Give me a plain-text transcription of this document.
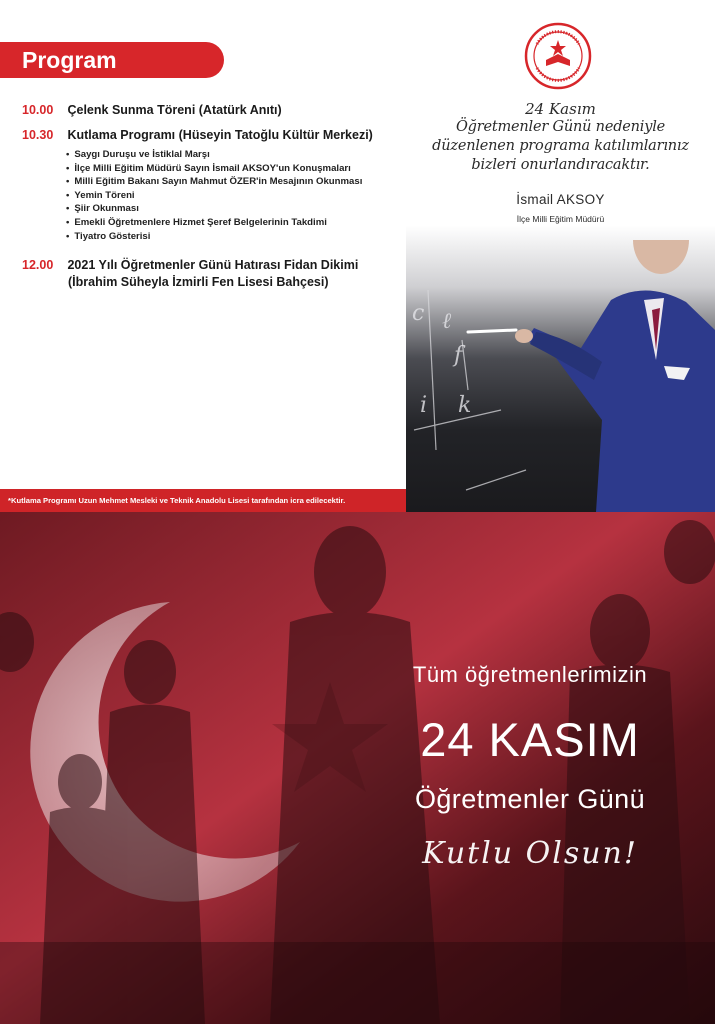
Program
10.00 Çelenk Sunma Töreni (Atatürk Anıtı)
10.30 Kutlama Programı (Hüseyin Tatoğlu Kültür Merkezi)
• Saygı Duruşu ve İstiklal Marşı
• İlçe Milli Eğitim Müdürü Sayın İsmail AKSOY'un Konuşmaları
• Milli Eğitim Bakanı Sayın Mahmut ÖZER'in Mesajının Okunması
• Yemin Töreni
• Şiir Okunması
• Emekli Öğretmenlere Hizmet Şeref Belgelerinin Takdimi
• Tiyatro Gösterisi
12.00 2021 Yılı Öğretmenler Günü Hatırası Fidan Dikimi
(İbrahim Süheyla İzmirli Fen Lisesi Bahçesi)
*Kutlama Programı Uzun Mehmet Mesleki ve Teknik Anadolu Lisesi tarafından icra edilecektir.
24 Kasım
Öğretmenler Günü nedeniyle
düzenlenen programa katılımlarınız
bizleri onurlandıracaktır.
İsmail AKSOY
İlçe Milli Eğitim Müdürü
c ℓ
f
i k
Tüm öğretmenlerimizin
24 KASIM
Öğretmenler Günü
Kutlu Olsun!
